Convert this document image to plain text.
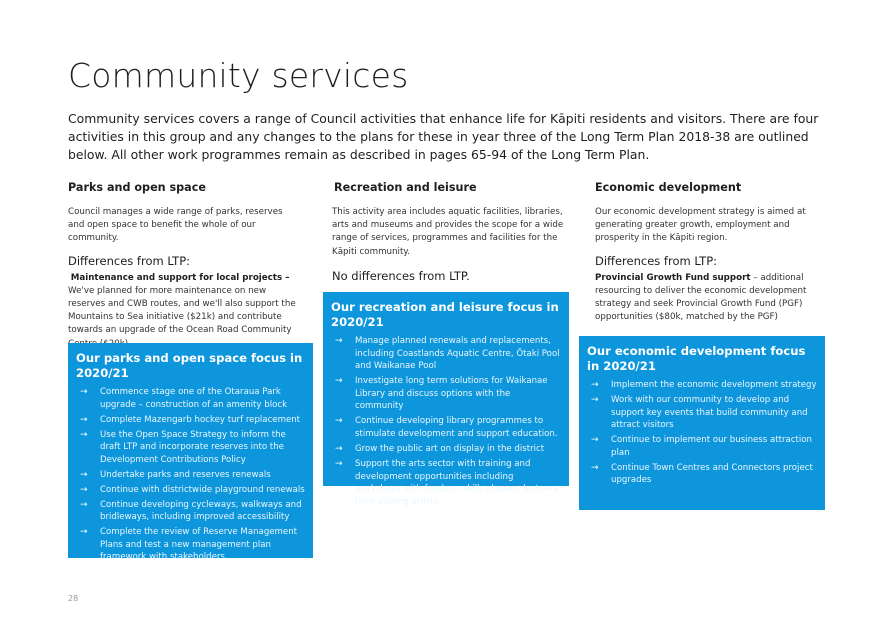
Community services
Community services covers a range of Council activities that enhance life for Kāpiti residents and visitors. There are four activities in this group and any changes to the plans for these in year three of the Long Term Plan 2018-38 are outlined below. All other work programmes remain as described in pages 65-94 of the Long Term Plan.
Parks and open space

Council manages a wide range of parks, reserves and open space to benefit the whole of our community.

Differences from LTP:

Maintenance and support for local projects – We've planned for more maintenance on new reserves and CWB routes, and we'll also support the Mountains to Sea initiative ($21k) and contribute towards an upgrade of the Ocean Road Community

Our parks and open space focus in 2020/21
→ Commence stage one of the Otaraua Park upgrade – construction of an amenity block
→ Complete Mazengarb hockey turf replacement
→ Use the Open Space Strategy to inform the draft LTP and incorporate reserves into the Development Contributions Policy
→ Undertake parks and reserves renewals
→ Continue with districtwide playground renewals
→ Continue developing cycleways, walkways and bridleways, including improved accessibility
→ Complete the review of Reserve Management Plans and test a new management plan framework with stakeholders.
Recreation and leisure

This activity area includes aquatic facilities, libraries, arts and museums and provides the scope for a wide range of services, programmes and facilities for the Kāpiti community.

No differences from LTP.

Our recreation and leisure focus in 2020/21
→ Manage planned renewals and replacements, including Coastlands Aquatic Centre, Ōtaki Pool and Waikanae Pool
→ Investigate long term solutions for Waikanae Library and discuss options with the community
→ Continue developing library programmes to stimulate development and support education.
→ Grow the public art on display in the district
→ Support the arts sector with training and development opportunities including workshops with funders, skills classes, lectures from visiting artists
Economic development

Our economic development strategy is aimed at generating greater growth, employment and prosperity in the Kāpiti region.

Differences from LTP:

Provincial Growth Fund support – additional resourcing to deliver the economic development strategy and seek Provincial Growth Fund (PGF) opportunities ($80k, matched by the PGF)

Our economic development focus in 2020/21
→ Implement the economic development strategy
→ Work with our community to develop and support key events that build community and attract visitors
→ Continue to implement our business attraction plan
→ Continue Town Centres and Connectors project upgrades
28
